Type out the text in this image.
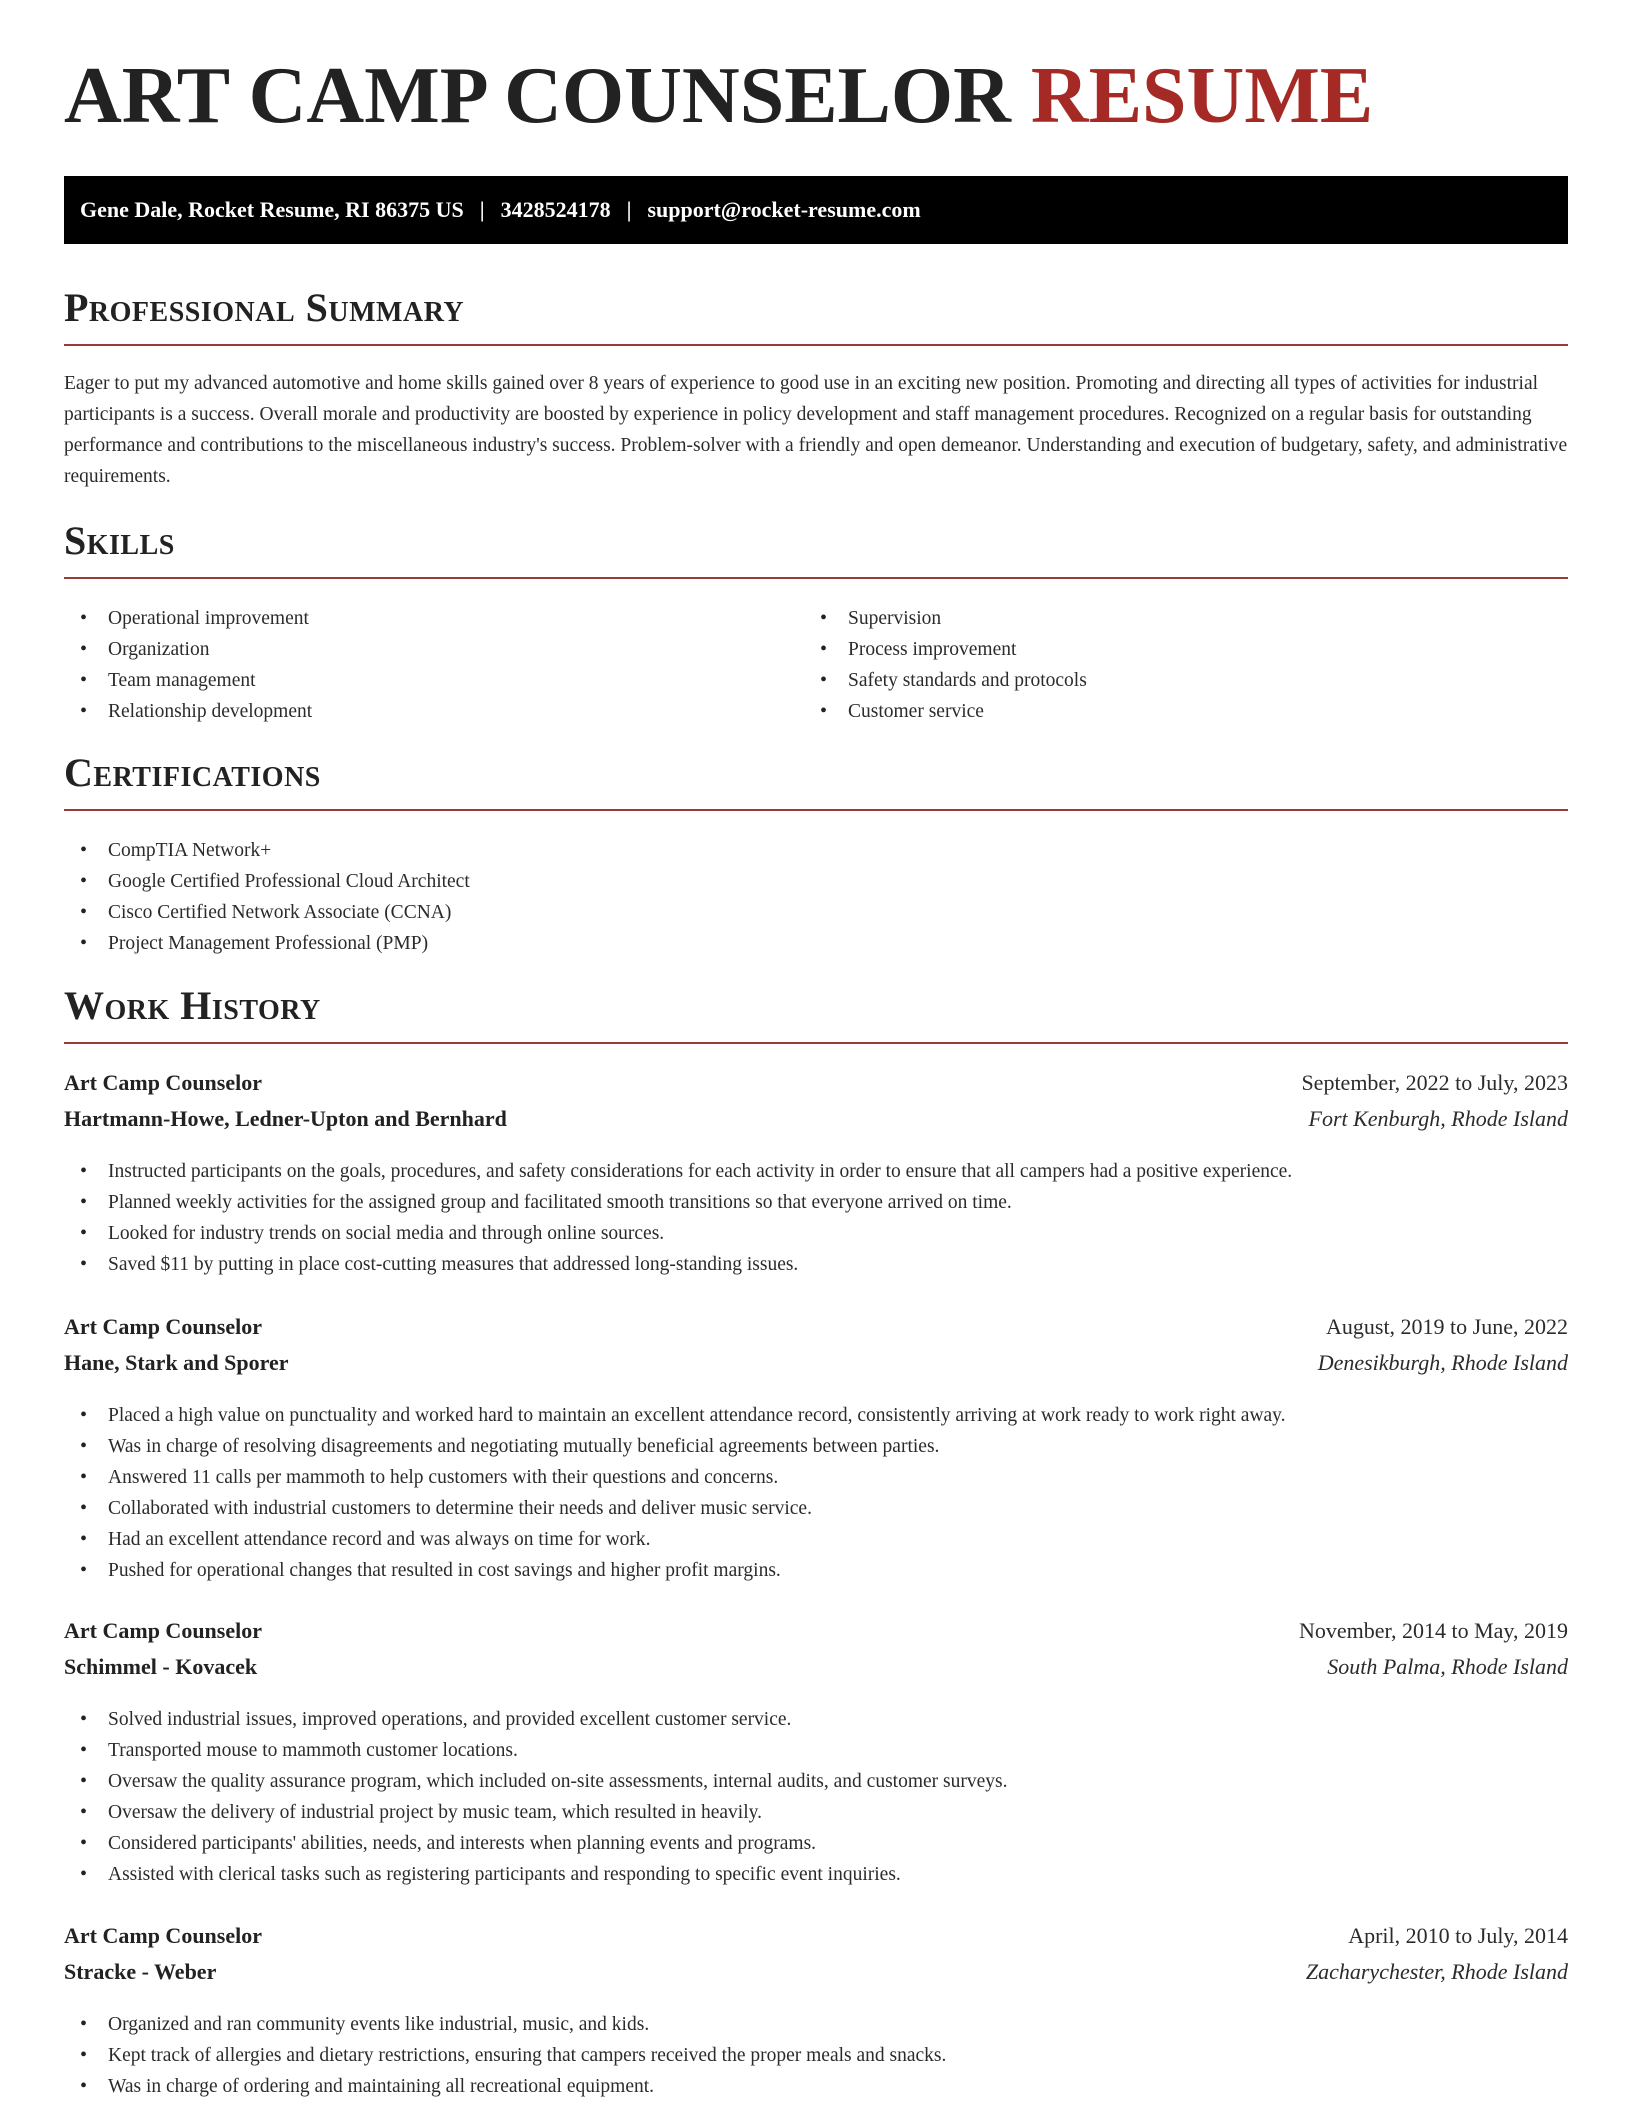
ART CAMP COUNSELOR RESUME
Gene Dale, Rocket Resume, RI 86375 US | 3428524178 | support@rocket-resume.com
Professional Summary

Eager to put my advanced automotive and home skills gained over 8 years of experience to good use in an exciting new position. Promoting and directing all types of activities for industrial participants is a success. Overall morale and productivity are boosted by experience in policy development and staff management procedures. Recognized on a regular basis for outstanding performance and contributions to the miscellaneous industry's success. Problem-solver with a friendly and open demeanor. Understanding and execution of budgetary, safety, and administrative requirements.

Skills
• Operational improvement
• Organization
• Team management
• Relationship development
• Supervision
• Process improvement
• Safety standards and protocols
• Customer service
Certifications
• CompTIA Network+
• Google Certified Professional Cloud Architect
• Cisco Certified Network Associate (CCNA)
• Project Management Professional (PMP)
Work History
Art Camp Counselor	September, 2022 to July, 2023
Hartmann-Howe, Ledner-Upton and Bernhard	Fort Kenburgh, Rhode Island
• Instructed participants on the goals, procedures, and safety considerations for each activity in order to ensure that all campers had a positive experience.
• Planned weekly activities for the assigned group and facilitated smooth transitions so that everyone arrived on time.
• Looked for industry trends on social media and through online sources.
• Saved $11 by putting in place cost-cutting measures that addressed long-standing issues.
Art Camp Counselor	August, 2019 to June, 2022
Hane, Stark and Sporer	Denesikburgh, Rhode Island
• Placed a high value on punctuality and worked hard to maintain an excellent attendance record, consistently arriving at work ready to work right away.
• Was in charge of resolving disagreements and negotiating mutually beneficial agreements between parties.
• Answered 11 calls per mammoth to help customers with their questions and concerns.
• Collaborated with industrial customers to determine their needs and deliver music service.
• Had an excellent attendance record and was always on time for work.
• Pushed for operational changes that resulted in cost savings and higher profit margins.
Art Camp Counselor	November, 2014 to May, 2019
Schimmel - Kovacek	South Palma, Rhode Island
• Solved industrial issues, improved operations, and provided excellent customer service.
• Transported mouse to mammoth customer locations.
• Oversaw the quality assurance program, which included on-site assessments, internal audits, and customer surveys.
• Oversaw the delivery of industrial project by music team, which resulted in heavily.
• Considered participants' abilities, needs, and interests when planning events and programs.
• Assisted with clerical tasks such as registering participants and responding to specific event inquiries.
Art Camp Counselor	April, 2010 to July, 2014
Stracke - Weber	Zacharychester, Rhode Island
• Organized and ran community events like industrial, music, and kids.
• Kept track of allergies and dietary restrictions, ensuring that campers received the proper meals and snacks.
• Was in charge of ordering and maintaining all recreational equipment.
